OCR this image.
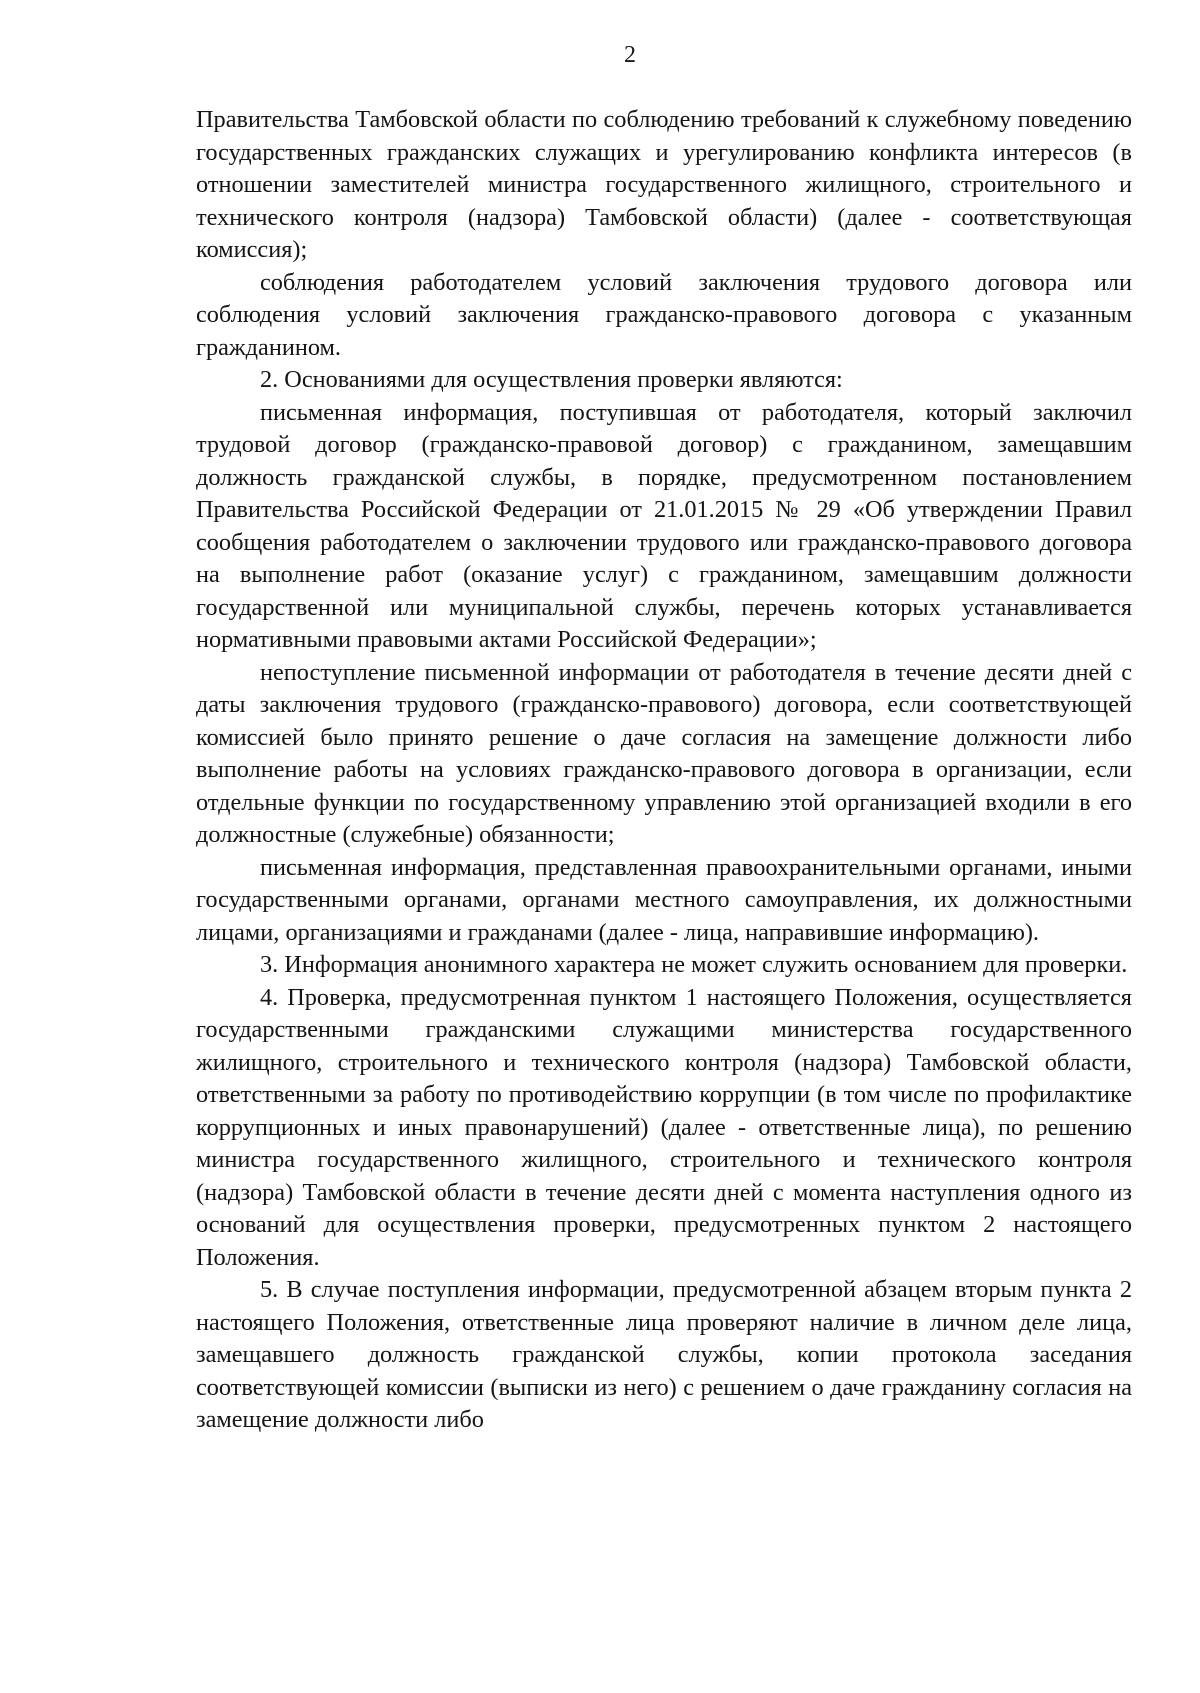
2

Правительства Тамбовской области по соблюдению требований к служебному поведению государственных гражданских служащих и урегулированию конфликта интересов (в отношении заместителей министра государственного жилищного, строительного и технического контроля (надзора) Тамбовской области) (далее - соответствующая комиссия);

соблюдения работодателем условий заключения трудового договора или соблюдения условий заключения гражданско-правового договора с указанным гражданином.

2. Основаниями для осуществления проверки являются:

письменная информация, поступившая от работодателя, который заключил трудовой договор (гражданско-правовой договор) с гражданином, замещавшим должность гражданской службы, в порядке, предусмотренном постановлением Правительства Российской Федерации от 21.01.2015 № 29 «Об утверждении Правил сообщения работодателем о заключении трудового или гражданско-правового договора на выполнение работ (оказание услуг) с гражданином, замещавшим должности государственной или муниципальной службы, перечень которых устанавливается нормативными правовыми актами Российской Федерации»;

непоступление письменной информации от работодателя в течение десяти дней с даты заключения трудового (гражданско-правового) договора, если соответствующей комиссией было принято решение о даче согласия на замещение должности либо выполнение работы на условиях гражданско-правового договора в организации, если отдельные функции по государственному управлению этой организацией входили в его должностные (служебные) обязанности;

письменная информация, представленная правоохранительными органами, иными государственными органами, органами местного самоуправления, их должностными лицами, организациями и гражданами (далее - лица, направившие информацию).

3. Информация анонимного характера не может служить основанием для проверки.

4. Проверка, предусмотренная пунктом 1 настоящего Положения, осуществляется государственными гражданскими служащими министерства государственного жилищного, строительного и технического контроля (надзора) Тамбовской области, ответственными за работу по противодействию коррупции (в том числе по профилактике коррупционных и иных правонарушений) (далее - ответственные лица), по решению министра государственного жилищного, строительного и технического контроля (надзора) Тамбовской области в течение десяти дней с момента наступления одного из оснований для осуществления проверки, предусмотренных пунктом 2 настоящего Положения.

5. В случае поступления информации, предусмотренной абзацем вторым пункта 2 настоящего Положения, ответственные лица проверяют наличие в личном деле лица, замещавшего должность гражданской службы, копии протокола заседания соответствующей комиссии (выписки из него) с решением о даче гражданину согласия на замещение должности либо
